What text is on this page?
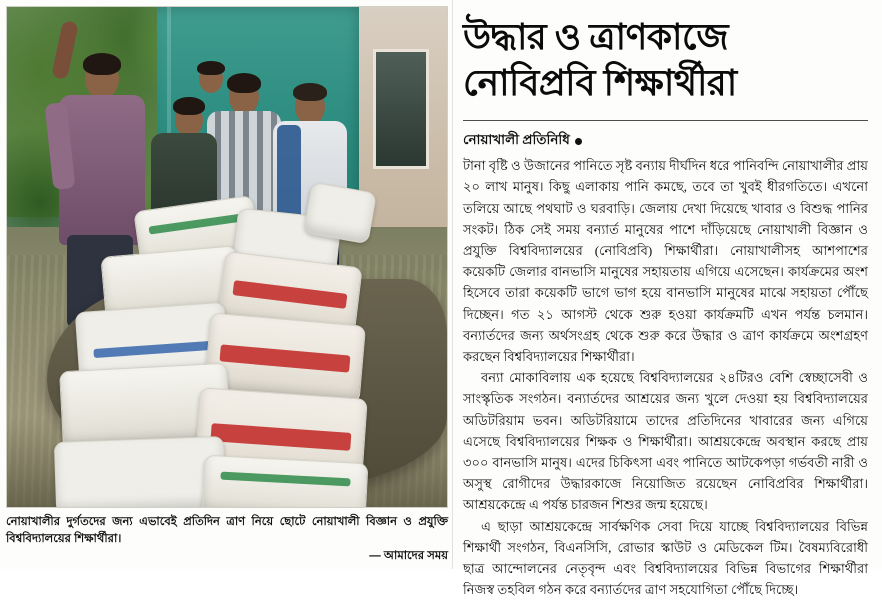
নোয়াখালীর দুর্গতদের জন্য এভাবেই প্রতিদিন ত্রাণ নিয়ে ছোটে নোয়াখালী বিজ্ঞান ও প্রযুক্তি বিশ্ববিদ্যালয়ের শিক্ষার্থীরা।
— আমাদের সময়
উদ্ধার ও ত্রাণকাজে
নোবিপ্রবি শিক্ষার্থীরা
নোয়াখালী প্রতিনিধি

টানা বৃষ্টি ও উজানের পানিতে সৃষ্ট বন্যায় দীর্ঘদিন ধরে পানিবন্দি নোয়াখালীর প্রায় ২০ লাখ মানুষ। কিছু এলাকায় পানি কমছে, তবে তা খুবই ধীরগতিতে। এখনো তলিয়ে আছে পথঘাট ও ঘরবাড়ি। জেলায় দেখা দিয়েছে খাবার ও বিশুদ্ধ পানির সংকট। ঠিক সেই সময় বন্যার্ত মানুষের পাশে দাঁড়িয়েছে নোয়াখালী বিজ্ঞান ও প্রযুক্তি বিশ্ববিদ্যালয়ের (নোবিপ্রবি) শিক্ষার্থীরা। নোয়াখালীসহ আশপাশের কয়েকটি জেলার বানভাসি মানুষের সহায়তায় এগিয়ে এসেছেন। কার্যক্রমের অংশ হিসেবে তারা কয়েকটি ভাগে ভাগ হয়ে বানভাসি মানুষের মাঝে সহায়তা পৌঁছে দিচ্ছেন। গত ২১ আগস্ট থেকে শুরু হওয়া কার্যক্রমটি এখন পর্যন্ত চলমান। বন্যার্তদের জন্য অর্থসংগ্রহ থেকে শুরু করে উদ্ধার ও ত্রাণ কার্যক্রমে অংশগ্রহণ করছেন বিশ্ববিদ্যালয়ের শিক্ষার্থীরা।

বন্যা মোকাবিলায় এক হয়েছে বিশ্ববিদ্যালয়ের ২৪টিরও বেশি স্বেচ্ছাসেবী ও সাংস্কৃতিক সংগঠন। বন্যার্তদের আশ্রয়ের জন্য খুলে দেওয়া হয় বিশ্ববিদ্যালয়ের অডিটরিয়াম ভবন। অডিটরিয়ামে তাদের প্রতিদিনের খাবারের জন্য এগিয়ে এসেছে বিশ্ববিদ্যালয়ের শিক্ষক ও শিক্ষার্থীরা। আশ্রয়কেন্দ্রে অবস্থান করছে প্রায় ৩০০ বানভাসি মানুষ। এদের চিকিৎসা এবং পানিতে আটকেপড়া গর্ভবতী নারী ও অসুস্থ রোগীদের উদ্ধারকাজে নিয়োজিত রয়েছেন নোবিপ্রবির শিক্ষার্থীরা। আশ্রয়কেন্দ্রে এ পর্যন্ত চারজন শিশুর জন্ম হয়েছে।

এ ছাড়া আশ্রয়কেন্দ্রে সার্বক্ষণিক সেবা দিয়ে যাচ্ছে বিশ্ববিদ্যালয়ের বিভিন্ন শিক্ষার্থী সংগঠন, বিএনসিসি, রোভার স্কাউট ও মেডিকেল টিম। বৈষম্যবিরোধী ছাত্র আন্দোলনের নেতৃবৃন্দ এবং বিশ্ববিদ্যালয়ের বিভিন্ন বিভাগের শিক্ষার্থীরা নিজস্ব তহবিল গঠন করে বন্যার্তদের ত্রাণ সহযোগিতা পৌঁছে দিচ্ছে।
